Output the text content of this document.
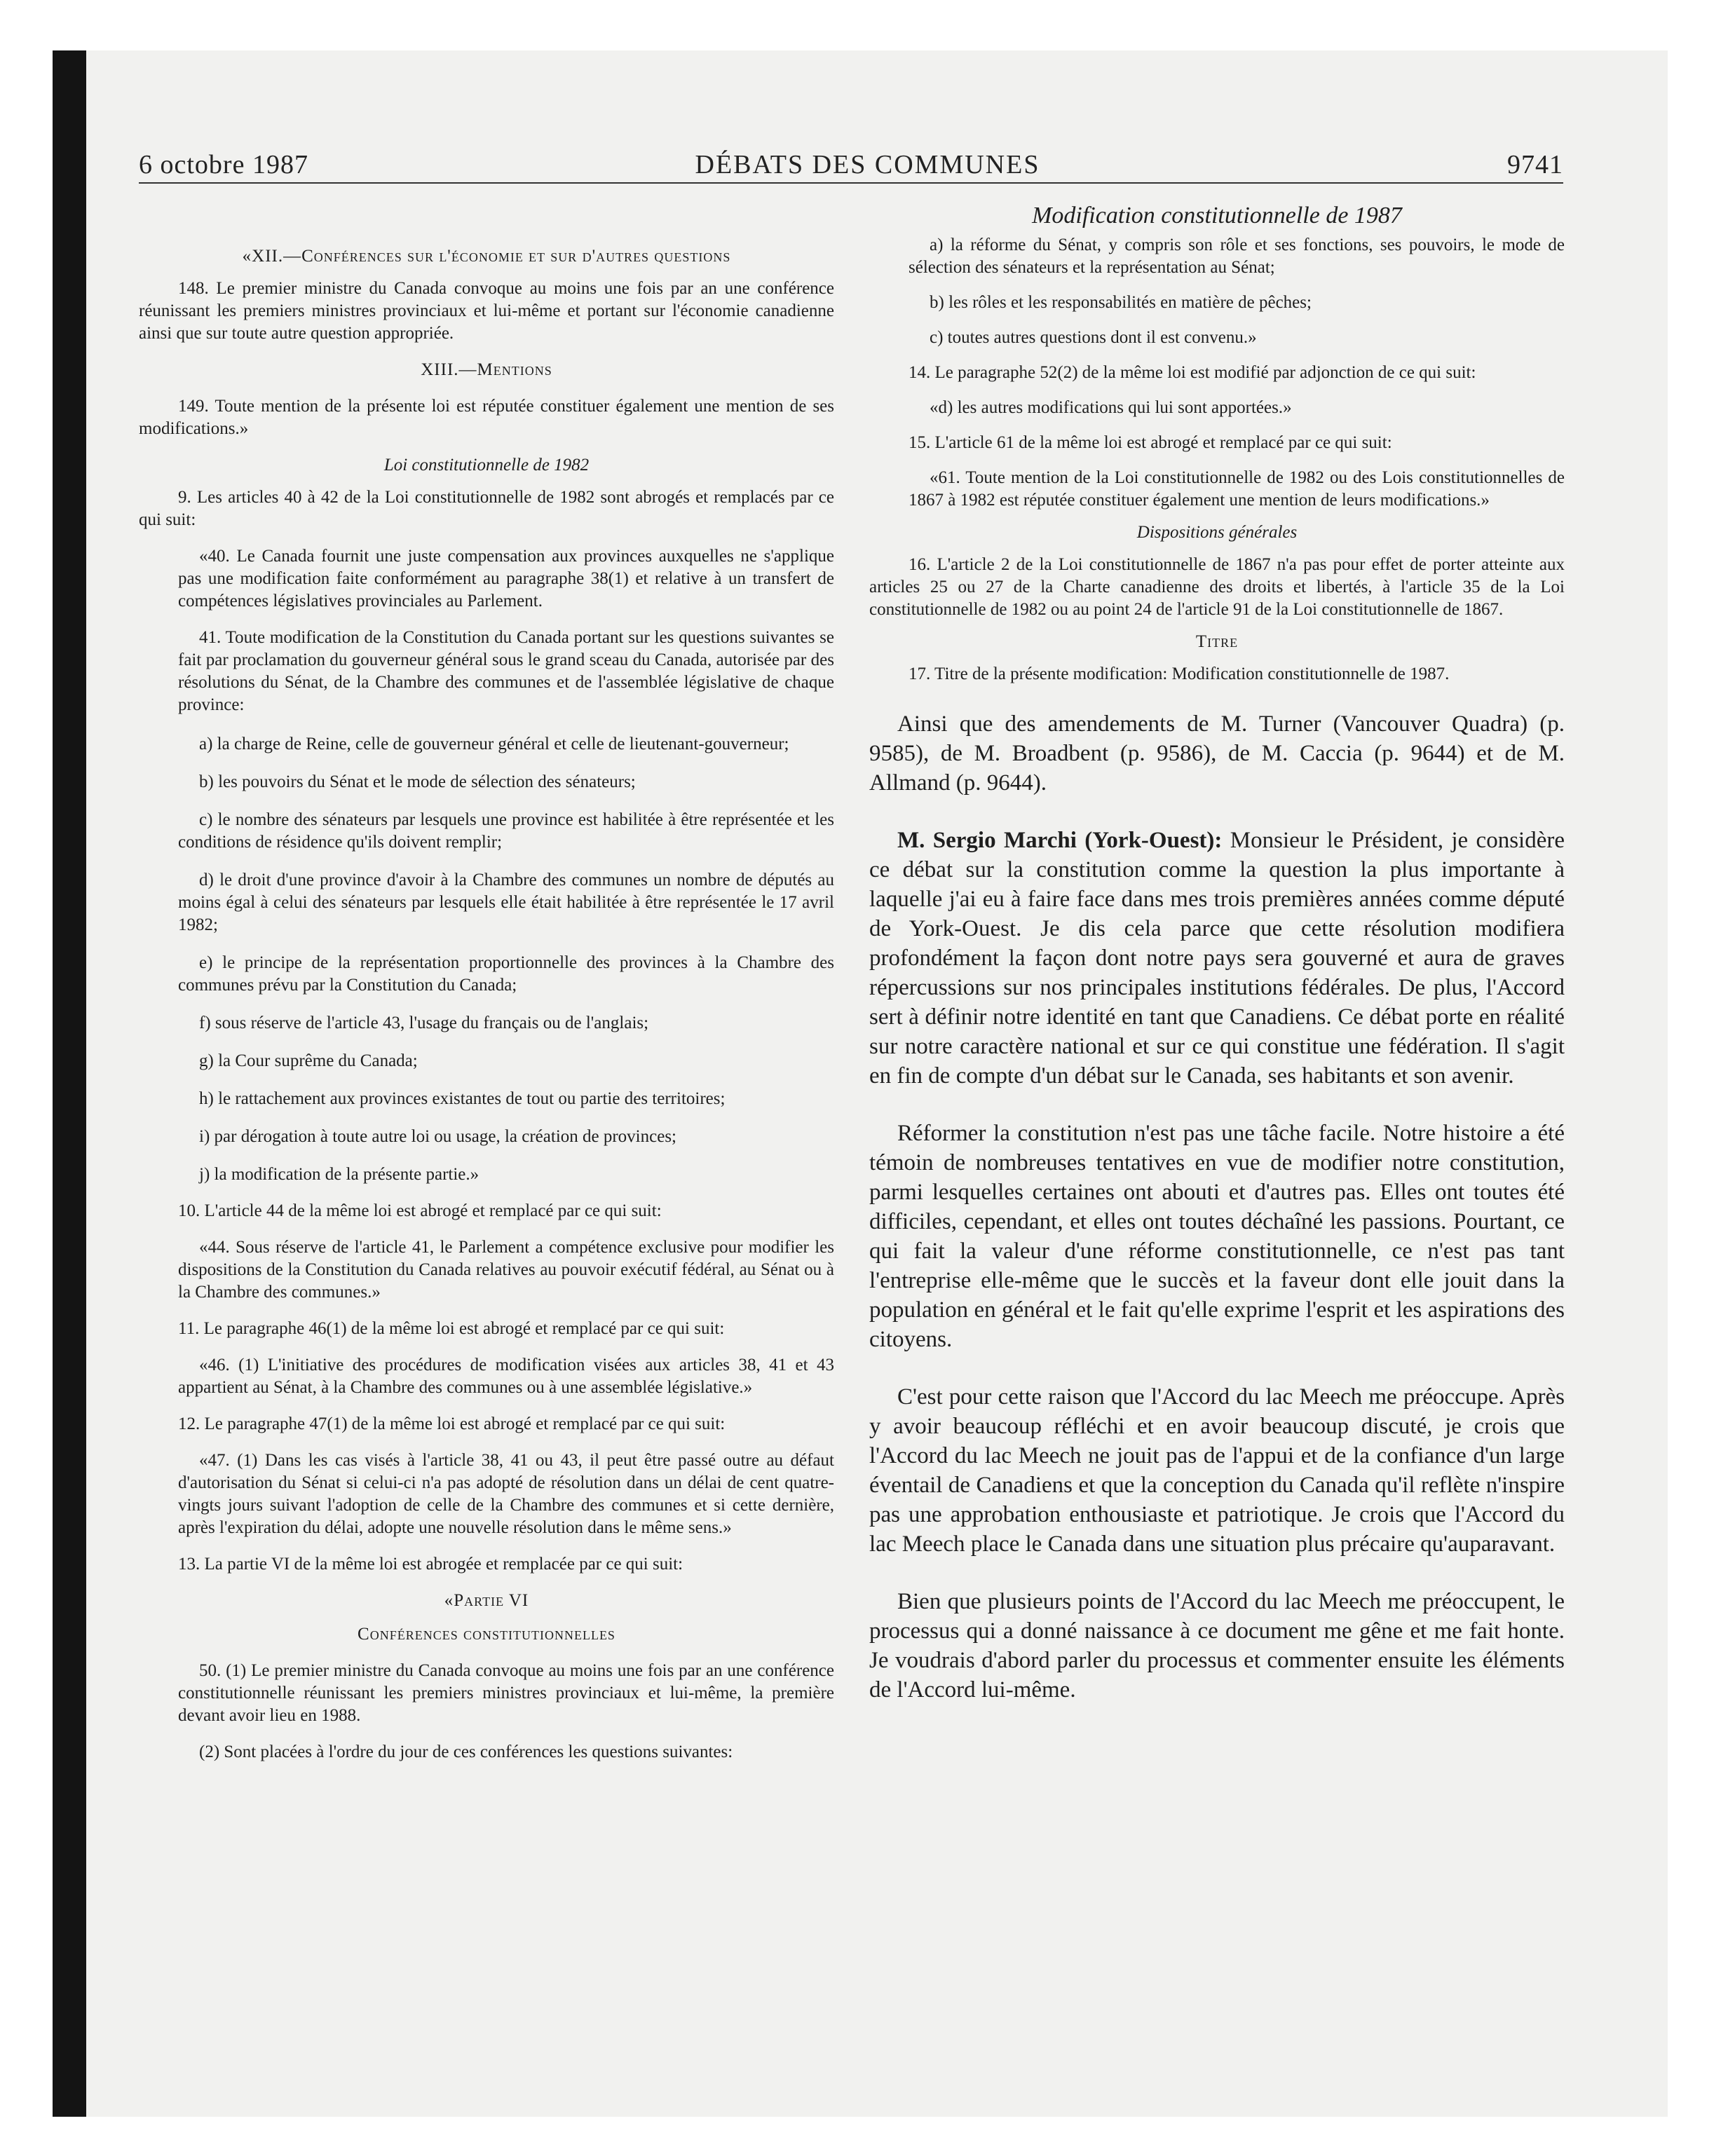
6 octobre 1987	DÉBATS DES COMMUNES	9741

«XII.—Conférences sur l'économie et sur d'autres questions

148. Le premier ministre du Canada convoque au moins une fois par an une conférence réunissant les premiers ministres provinciaux et lui-même et portant sur l'économie canadienne ainsi que sur toute autre question appropriée.

XIII.—Mentions

149. Toute mention de la présente loi est réputée constituer également une mention de ses modifications.»

Loi constitutionnelle de 1982

9. Les articles 40 à 42 de la Loi constitutionnelle de 1982 sont abrogés et remplacés par ce qui suit:

«40. Le Canada fournit une juste compensation aux provinces auxquelles ne s'applique pas une modification faite conformément au paragraphe 38(1) et relative à un transfert de compétences législatives provinciales au Parlement.

41. Toute modification de la Constitution du Canada portant sur les questions suivantes se fait par proclamation du gouverneur général sous le grand sceau du Canada, autorisée par des résolutions du Sénat, de la Chambre des communes et de l'assemblée législative de chaque province:

a) la charge de Reine, celle de gouverneur général et celle de lieutenant-gouverneur;

b) les pouvoirs du Sénat et le mode de sélection des sénateurs;

c) le nombre des sénateurs par lesquels une province est habilitée à être représentée et les conditions de résidence qu'ils doivent remplir;

d) le droit d'une province d'avoir à la Chambre des communes un nombre de députés au moins égal à celui des sénateurs par lesquels elle était habilitée à être représentée le 17 avril 1982;

e) le principe de la représentation proportionnelle des provinces à la Chambre des communes prévu par la Constitution du Canada;

f) sous réserve de l'article 43, l'usage du français ou de l'anglais;

g) la Cour suprême du Canada;

h) le rattachement aux provinces existantes de tout ou partie des territoires;

i) par dérogation à toute autre loi ou usage, la création de provinces;

j) la modification de la présente partie.»

10. L'article 44 de la même loi est abrogé et remplacé par ce qui suit:

«44. Sous réserve de l'article 41, le Parlement a compétence exclusive pour modifier les dispositions de la Constitution du Canada relatives au pouvoir exécutif fédéral, au Sénat ou à la Chambre des communes.»

11. Le paragraphe 46(1) de la même loi est abrogé et remplacé par ce qui suit:

«46. (1) L'initiative des procédures de modification visées aux articles 38, 41 et 43 appartient au Sénat, à la Chambre des communes ou à une assemblée législative.»

12. Le paragraphe 47(1) de la même loi est abrogé et remplacé par ce qui suit:

«47. (1) Dans les cas visés à l'article 38, 41 ou 43, il peut être passé outre au défaut d'autorisation du Sénat si celui-ci n'a pas adopté de résolution dans un délai de cent quatre-vingts jours suivant l'adoption de celle de la Chambre des communes et si cette dernière, après l'expiration du délai, adopte une nouvelle résolution dans le même sens.»

13. La partie VI de la même loi est abrogée et remplacée par ce qui suit:

«Partie VI

Conférences constitutionnelles

50. (1) Le premier ministre du Canada convoque au moins une fois par an une conférence constitutionnelle réunissant les premiers ministres provinciaux et lui-même, la première devant avoir lieu en 1988.

(2) Sont placées à l'ordre du jour de ces conférences les questions suivantes:

Modification constitutionnelle de 1987

a) la réforme du Sénat, y compris son rôle et ses fonctions, ses pouvoirs, le mode de sélection des sénateurs et la représentation au Sénat;

b) les rôles et les responsabilités en matière de pêches;

c) toutes autres questions dont il est convenu.»

14. Le paragraphe 52(2) de la même loi est modifié par adjonction de ce qui suit:

«d) les autres modifications qui lui sont apportées.»

15. L'article 61 de la même loi est abrogé et remplacé par ce qui suit:

«61. Toute mention de la Loi constitutionnelle de 1982 ou des Lois constitutionnelles de 1867 à 1982 est réputée constituer également une mention de leurs modifications.»

Dispositions générales

16. L'article 2 de la Loi constitutionnelle de 1867 n'a pas pour effet de porter atteinte aux articles 25 ou 27 de la Charte canadienne des droits et libertés, à l'article 35 de la Loi constitutionnelle de 1982 ou au point 24 de l'article 91 de la Loi constitutionnelle de 1867.

Titre

17. Titre de la présente modification: Modification constitutionnelle de 1987.

Ainsi que des amendements de M. Turner (Vancouver Quadra) (p. 9585), de M. Broadbent (p. 9586), de M. Caccia (p. 9644) et de M. Allmand (p. 9644).

M. Sergio Marchi (York-Ouest): Monsieur le Président, je considère ce débat sur la constitution comme la question la plus importante à laquelle j'ai eu à faire face dans mes trois premières années comme député de York-Ouest. Je dis cela parce que cette résolution modifiera profondément la façon dont notre pays sera gouverné et aura de graves répercussions sur nos principales institutions fédérales. De plus, l'Accord sert à définir notre identité en tant que Canadiens. Ce débat porte en réalité sur notre caractère national et sur ce qui constitue une fédération. Il s'agit en fin de compte d'un débat sur le Canada, ses habitants et son avenir.

Réformer la constitution n'est pas une tâche facile. Notre histoire a été témoin de nombreuses tentatives en vue de modifier notre constitution, parmi lesquelles certaines ont abouti et d'autres pas. Elles ont toutes été difficiles, cependant, et elles ont toutes déchaîné les passions. Pourtant, ce qui fait la valeur d'une réforme constitutionnelle, ce n'est pas tant l'entreprise elle-même que le succès et la faveur dont elle jouit dans la population en général et le fait qu'elle exprime l'esprit et les aspirations des citoyens.

C'est pour cette raison que l'Accord du lac Meech me préoccupe. Après y avoir beaucoup réfléchi et en avoir beaucoup discuté, je crois que l'Accord du lac Meech ne jouit pas de l'appui et de la confiance d'un large éventail de Canadiens et que la conception du Canada qu'il reflète n'inspire pas une approbation enthousiaste et patriotique. Je crois que l'Accord du lac Meech place le Canada dans une situation plus précaire qu'auparavant.

Bien que plusieurs points de l'Accord du lac Meech me préoccupent, le processus qui a donné naissance à ce document me gêne et me fait honte. Je voudrais d'abord parler du processus et commenter ensuite les éléments de l'Accord lui-même.
